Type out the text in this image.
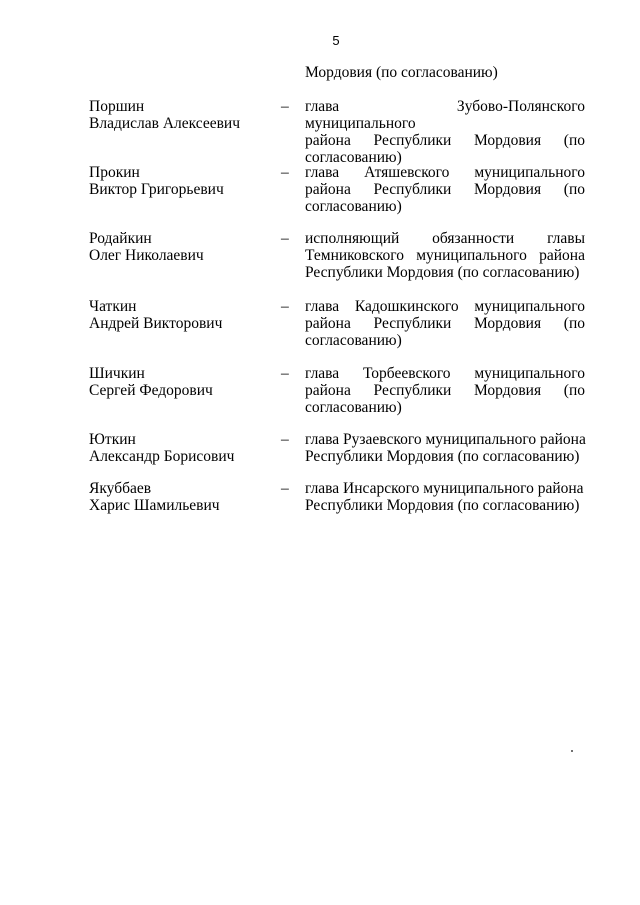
5
Мордовия (по согласованию)
Поршин
Владислав Алексеевич
– глава Зубово-Полянского муниципального
района Республики Мордовия (по
согласованию)
Прокин
Виктор Григорьевич
– глава Атяшевского муниципального
района Республики Мордовия (по
согласованию)
Родайкин
Олег Николаевич
– исполняющий обязанности главы
Темниковского муниципального района
Республики Мордовия (по согласованию)
Чаткин
Андрей Викторович
– глава Кадошкинского муниципального
района Республики Мордовия (по
согласованию)
Шичкин
Сергей Федорович
– глава Торбеевского муниципального
района Республики Мордовия (по
согласованию)
Юткин
Александр Борисович
– глава Рузаевского муниципального района
Республики Мордовия (по согласованию)
Якуббаев
Харис Шамильевич
– глава Инсарского муниципального района
Республики Мордовия (по согласованию)
